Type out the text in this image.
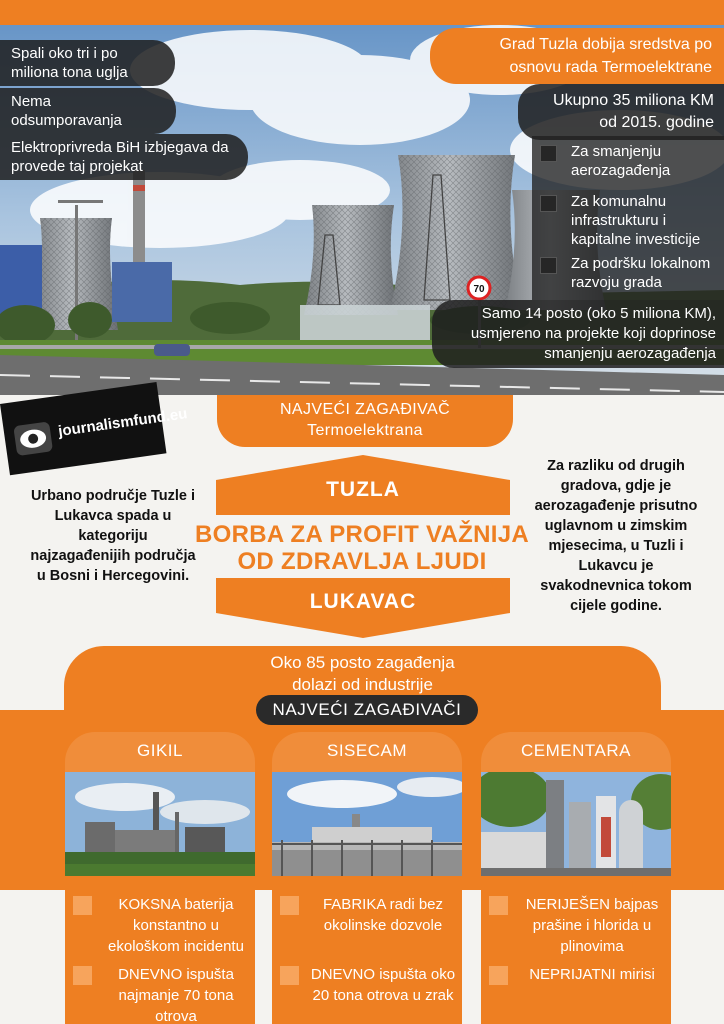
70
Spali oko tri i po miliona tona uglja
Nema odsumporavanja
Elektroprivreda BiH izbjegava da provede taj projekat
Grad Tuzla dobija sredstva po osnovu rada Termoelektrane
Ukupno 35 miliona KM od 2015. godine
Za smanjenju aerozagađenja
Za komunalnu infrastrukturu i kapitalne investicije
Za podršku lokalnom razvoju grada
Samo 14 posto (oko 5 miliona KM), usmjereno na projekte koji doprinose smanjenju aerozagađenja
NAJVEĆI ZAGAĐIVAČ
Termoelektrana
journalismfund.eu
Urbano područje Tuzle i Lukavca spada u kategoriju najzagađenijih područja u Bosni i Hercegovini.
Za razliku od drugih gradova, gdje je aerozagađenje prisutno uglavnom u zimskim mjesecima, u Tuzli i Lukavcu je svakodnevnica tokom cijele godine.
TUZLA
BORBA ZA PROFIT VAŽNIJA
OD ZDRAVLJA LJUDI
LUKAVAC
Oko 85 posto zagađenja
dolazi od industrije
NAJVEĆI ZAGAĐIVAČI
GIKIL
KOKSNA baterija konstantno u ekološkom incidentu
DNEVNO ispušta najmanje 70 tona otrova
SISECAM
FABRIKA radi bez okolinske dozvole
DNEVNO ispušta oko 20 tona otrova u zrak
CEMENTARA
NERIJEŠEN bajpas prašine i hlorida u plinovima
NEPRIJATNI mirisi
